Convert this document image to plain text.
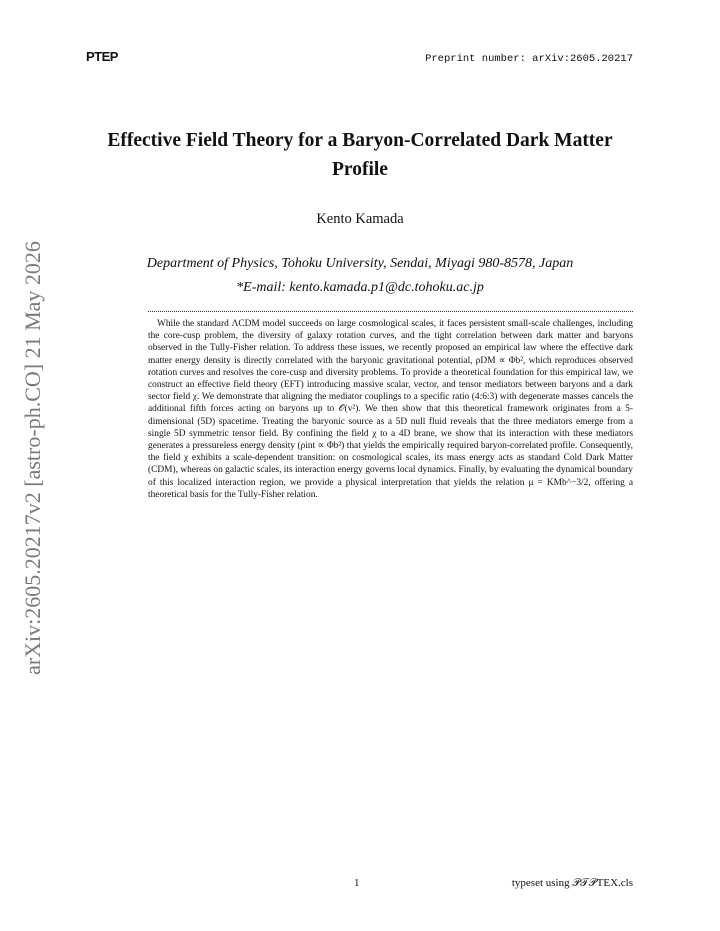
PTEP	Preprint number: arXiv:2605.20217
arXiv:2605.20217v2 [astro-ph.CO] 21 May 2026
Effective Field Theory for a Baryon-Correlated Dark Matter Profile
Kento Kamada
Department of Physics, Tohoku University, Sendai, Miyagi 980-8578, Japan
*E-mail: kento.kamada.p1@dc.tohoku.ac.jp
While the standard ΛCDM model succeeds on large cosmological scales, it faces persistent small-scale challenges, including the core-cusp problem, the diversity of galaxy rotation curves, and the tight correlation between dark matter and baryons observed in the Tully-Fisher relation. To address these issues, we recently proposed an empirical law where the effective dark matter energy density is directly correlated with the baryonic gravitational potential, ρDM ∝ Φb², which reproduces observed rotation curves and resolves the core-cusp and diversity problems. To provide a theoretical foundation for this empirical law, we construct an effective field theory (EFT) introducing massive scalar, vector, and tensor mediators between baryons and a dark sector field χ. We demonstrate that aligning the mediator couplings to a specific ratio (4:6:3) with degenerate masses cancels the additional fifth forces acting on baryons up to 𝒪(v²). We then show that this theoretical framework originates from a 5-dimensional (5D) spacetime. Treating the baryonic source as a 5D null fluid reveals that the three mediators emerge from a single 5D symmetric tensor field. By confining the field χ to a 4D brane, we show that its interaction with these mediators generates a pressureless energy density (ρint ∝ Φb²) that yields the empirically required baryon-correlated profile. Consequently, the field χ exhibits a scale-dependent transition: on cosmological scales, its mass energy acts as standard Cold Dark Matter (CDM), whereas on galactic scales, its interaction energy governs local dynamics. Finally, by evaluating the dynamical boundary of this localized interaction region, we provide a physical interpretation that yields the relation μ = KMb^−3/2, offering a theoretical basis for the Tully-Fisher relation.
1	typeset using 𝒫𝒯𝒫TEX.cls
